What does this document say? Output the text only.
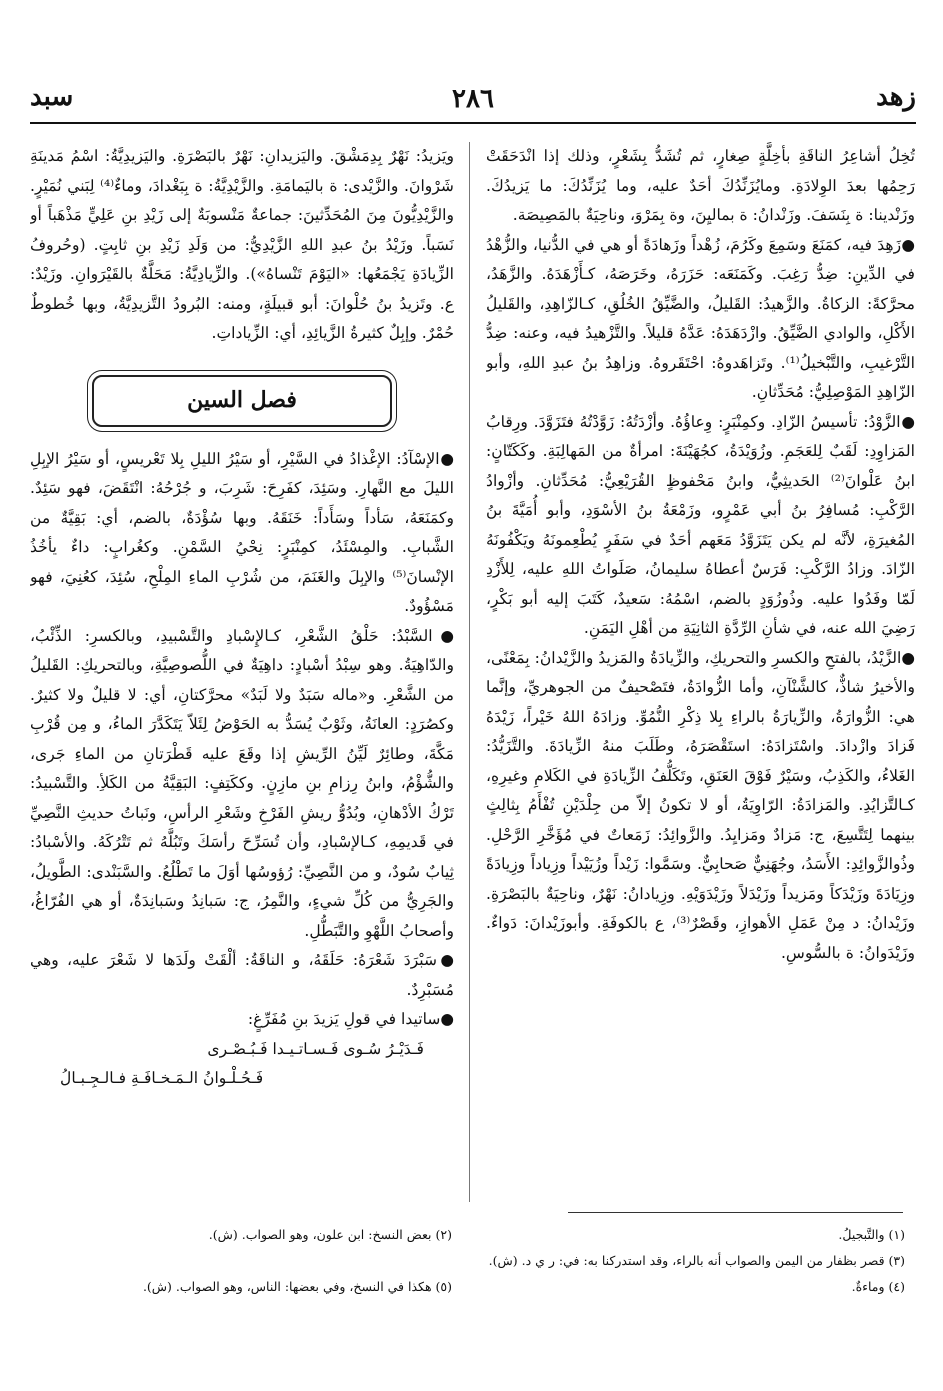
زهد
٢٨٦
سبد

تُخِلُ أشاعِرُ الناقَةِ بأخِلَّةٍ صِغارٍ، ثم تُشَدُّ بِشَعْرٍ، وذلك إذا انْدَحَقَتْ رَحِمُها بعدَ الوِلادَةِ. ومايُزَنِّدُكَ أحَدٌ عليه، وما يُزَنِّدُكَ: ما يَزيدُكَ. وزَنْدينا: ة بِنَسَفَ. وزَنْدانُ: ة بماليِنَ، وة بِمَرْوَ، وناحِيَةٌ بالمَصِيصَة.

●زَهِدَ فيه، كمَنَعَ وسَمِعَ وكَرُمَ، زُهْداً وزَهادَةً أو هي في الدُّنيا، والزُّهْدُ في الدِّينِ: ضِدُّ رَغِبَ. وكَمَنَعَه: حَزَرَهُ، وخَرَصَهُ، كـأَزْهَدَهُ. والزَّهَدُ، محرَّكةً: الزكاةُ. والزَّهيدُ: القَليلُ، والضَّيِّقُ الخُلُقِ، كـالزّاهِدِ، والقَليلُ الأَكْلِ، والوادي الضَّيِّقُ. وازْدَهَدَهُ: عَدَّهُ قليلاً. والتَّزْهيدُ فيه، وعنه: ضِدُّ التَّرْغيبِ، والتَّبْخيلُ⁽¹⁾. وتَزاهَدوهُ: احْتَقَروهُ. وزاهِدُ بنُ عبدِ اللهِ، وأبو الزّاهِدِ المَوْصِلِيُّ: مُحَدِّثانِ.

●الزَّوْدُ: تأسيسُ الزّادِ. وكمِنْبَرٍ: وِعاؤُهُ. وأزْدَتُهُ: زَوَّدْتُهُ فتَزَوَّدَ. ورِقابُ المَزاوِدِ: لَقَبٌ لِلعَجَمِ. وزُوَيْدَةُ، كجُهَيْنَةَ: امرأةٌ من المَهالِبَةِ. وكَكَتّانٍ: ابنُ عَلْوانَ⁽²⁾ الحَديثِيُّ، وابنُ مَحْفوظٍ القُرَيْعِيُّ: مُحَدِّثانِ. وأزْوادُ الرَّكْبِ: مُسافِرُ بنُ أبي عَمْرٍو، وزَمْعَةُ بنُ الأسْوَدِ، وأبو أُمَيَّةَ بنُ المُغيرَةِ، لأنَّه لم يكن يَتَزَوَّدُ مَعَهم أحَدٌ في سَفَرٍ يُطْعِمونَهُ ويَكْفُونَهُ الزّادَ. وزادُ الرَّكْبِ: فَرَسٌ أعطاهُ سليمانُ، صَلَواتُ اللهِ عليه، لِلأَزْدِ لَمّا وفَدُوا عليه. وذُوزُوَدٍ بالضم، اسْمُهُ: سَعيدٌ، كَتَبَ إليه أبو بَكْرٍ، رَضِيَ الله عنه، في شأنِ الرِّدَّةِ الثانِيَةِ من أهْلِ اليَمَنِ.

●الزَّيْدُ، بالفتحِ والكسرِ والتحريكِ، والزِّيادَةُ والمَزيدُ والزَّيْدانُ: بِمَعْنًى، والأخيرُ شاذٌّ، كالشَّنْآنِ، وأما الزُّوادَةُ، فتَصْحيفٌ من الجوهريِّ، وإنَّما هي: الزُّوارَةُ، والزِّيارَةُ بالراءِ بِلا ذِكْرِ النُّمُوِّ. وزادَهُ اللهُ خَيْراً، زَيْدَهُ فَزادَ وازْدادَ. واسْتَزادَهُ: استَقْصَرَهُ، وطَلَبَ منهُ الزِّيادَةَ. والتَّزَيُّدُ: الغَلاءُ، والكَذِبُ، وسَيْرٌ فَوْقَ العَنَقِ، وتَكَلُّفُ الزِّيادَةِ في الكَلامِ وغيرِهِ، كـالتَّزايُدِ. والمَزادَةُ: الرّاوِيَةُ، أو لا تكونُ إلاّ من جِلْدَيْنِ تُفْأَمُ بِثالِثٍ بينهما لِتَتَّسِعَ، ج: مَزادٌ ومَزايِدُ. والزَّوائِدُ: زَمَعاتٌ في مُؤَخَّرِ الرَّحْلِ. وذُوالزَّوائِدِ: الأَسَدُ، وجُهَنِيٌّ صَحابِيٌّ. وسَمَّوا: زَيْداً وزُيَيْداً وزِياداً وزِيادَةً وزِيَادَةَ وزَيْدَكاً ومَزيداً وزَيْدَلاً وزَيْدَوَيْهِ. وزِيادانُ: نَهْرٌ، وناحِيَةٌ بالبَصْرَةِ. وزَيْدانُ: د مِنْ عَمَلِ الأهوازِ، وقَصْرٌ⁽³⁾، ع بالكوفَةِ. وأبوزَيْدانَ: دَواءٌ. وزَيْدَوانُ: ة بالسُّوسِ.

ويَزيدُ: نَهْرٌ بِدِمَشْقَ. واليَزيدانِ: نَهْرٌ بالبَصْرَةِ. واليَزيدِيَّةُ: اسْمُ مَدينَةِ شَرْوانَ. والزَّيْدى: ة باليَمامَةِ. والزَّيْدِيَّةُ: ة بِبَغْدادَ، وماءٌ⁽⁴⁾ لِبَني نُمَيْرٍ. والزَّيْدِيُّونَ مِنَ المُحَدِّثينَ: جماعةٌ مَنْسوبَةٌ إلى زَيْدِ بنِ عَلِيٍّ مَذْهَباً أو نَسَباً. وزَيْدُ بنُ عبدِ اللهِ الزَّيْدِيُّ: من وَلَدِ زَيْدِ بنِ ثابِتٍ. (وحُروفُ الزِّيادَةِ يَجْمَعُها: «اليَوْمَ تَنْساهُ»). والزِّيادِيَّةُ: مَحَلَّةٌ بالقَيْرَوانِ. وزَيْدٌ: ع. وتَزيدُ بنُ حُلْوانَ: أبو قبيلَةٍ، ومنه: البُرودُ التَّزيدِيَّةُ، وبها خُطوطٌ حُمْرٌ. وإبِلٌ كثيرةُ الزَّيائِدِ، أي: الزِّياداتِ.

فصل السين

●الإسْآدُ: الإغْذادُ في السَّيْرِ، أو سَيْرُ الليلِ بِلا تَعْريسٍ، أو سَيْرُ الإبِلِ الليلَ مع النَّهارِ. وسَئِدَ، كفَرِحَ: شَرِبَ، و جُرْحُهُ: انْتَقَضَ، فهو سَئِدٌ. وكمَنَعَهُ، سَأداً وسَأَداً: خَنَقَهُ. وبها سُؤْدَةٌ، بالضم، أي: بَقِيَّةٌ من الشَّبابِ. والمِسْئَدُ، كمِنْبَرٍ: نِحْيُ السَّمْنِ. وكغُرابٍ: داءٌ يأخُذُ الإنْسانَ⁽⁵⁾ والإبِلَ والغَنَمَ، من شُرْبِ الماءِ المِلْحِ، سُئِدَ، كعُنِيَ، فهو مَسْؤُودٌ.

●السَّبْدُ: حَلْقُ الشَّعْرِ، كـالإِسْبادِ والتَّسْبيدِ، وبالكسرِ: الذِّئْبُ، والدّاهِيَةُ. وهو سِبْدُ أسْبادٍ: داهِيَةٌ في اللُّصوصِيَّةِ، وبالتحريكِ: القَليلُ من الشَّعْرِ. و«ماله سَبَدٌ ولا لَبَدٌ» محرَّكتانِ، أي: لا قليلٌ ولا كثيرٌ. وكصُرَدٍ: العانَةُ، وثَوْبٌ يُسَدُّ به الحَوْضُ لِئَلاّ يَتَكَدَّرَ الماءُ، و مِن قُرْبِ مَكَّةَ، وطائِرٌ لَيِّنُ الرِّيشِ إذا وقَعَ عليه قَطْرَتانِ من الماءِ جَرى، والشُّؤْمُ، وابنُ رِزامِ بنِ مازِنٍ. وككَتِفٍ: البَقِيَّةُ من الكَلأِ. والتَّسْبيدُ: تَرْكُ الأدْهانِ، وبُدُوُّ ريشِ الفَرْخِ وشَعْرِ الرأسِ، ونَباتُ حديثِ النَّصِيِّ في قَديمِهِ، كـالإسْبادِ، وأن تُسَرِّحَ رأسَكَ وتَبُلَّهُ ثم تَتْرُكَهُ. والأسْبادُ: ثِيابٌ سُودٌ، و من النَّصِيِّ: رُؤوسُها أوَلَ ما تَطْلُعُ. والسَّبَنْدى: الطَّويلُ، والجَرِيُّ من كُلِّ شيءٍ، والنَّمِرُ، ج: سَبانِدُ وسَبانِدَةٌ، أو هي الفُرّاغُ، وأصحابُ اللَّهْوِ والتَّبَطُّلِ.

●سَبْرَدَ شَعْرَهُ: حَلَقَهُ، و الناقَةُ: ألْقَتْ ولَدَها لا شَعْرَ عليه، وهي مُسَبْرِدٌ.

●ساتيدا في قولِ يَزيدَ بنِ مُفَرِّغٍ:

فَـدَيْـرُ سُـوى فَـسـاتـيـدا فَـبُـصْـرى

فَـحُـلْـوانُ الـمَـخـافَـةِ فـالـجِـبـالُ

(١) والتَّبجيلُ.
(٣) قصر بظفار من اليمن والصواب أنه بالراء، وقد استدركنا به: في: ر ي د. (ش).
(٤) وماءةٌ.
(٢) بعض النسخ: ابن علون، وهو الصواب. (ش).
(٥) هكذا في النسخ، وفي بعضها: الناس، وهو الصواب. (ش).
